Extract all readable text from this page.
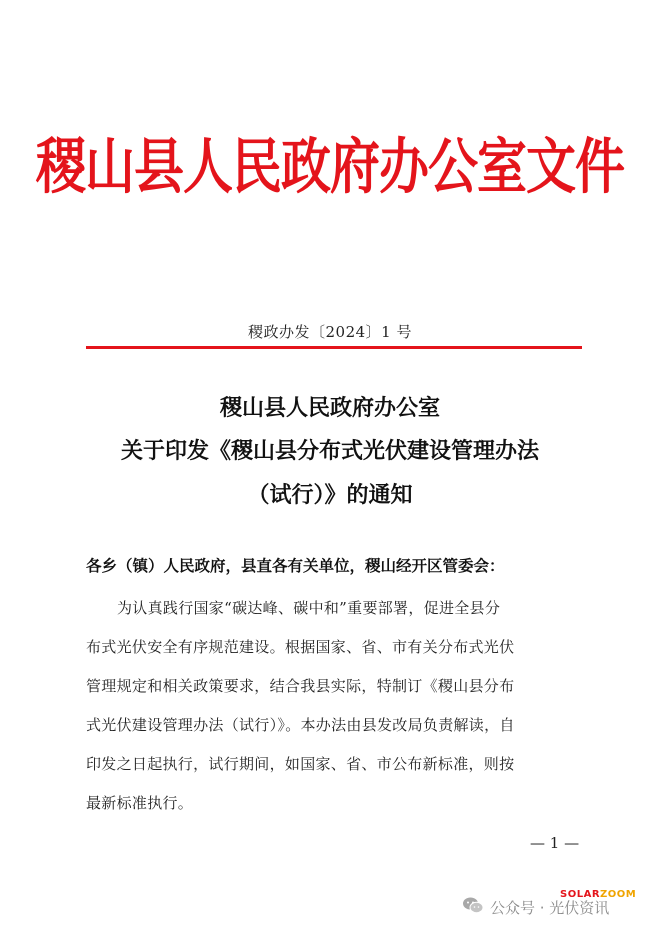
稷山县人民政府办公室文件
稷政办发〔2024〕1 号
稷山县人民政府办公室
关于印发《稷山县分布式光伏建设管理办法
（试行）》的通知
各乡（镇）人民政府，县直各有关单位，稷山经开区管委会：
为认真践行国家“碳达峰、碳中和”重要部署，促进全县分
布式光伏安全有序规范建设。根据国家、省、市有关分布式光伏
管理规定和相关政策要求，结合我县实际，特制订《稷山县分布
式光伏建设管理办法（试行）》。本办法由县发改局负责解读，自
印发之日起执行，试行期间，如国家、省、市公布新标准，则按
最新标准执行。
— 1 —
公众号 · 光伏资讯
SOLARZOOM
